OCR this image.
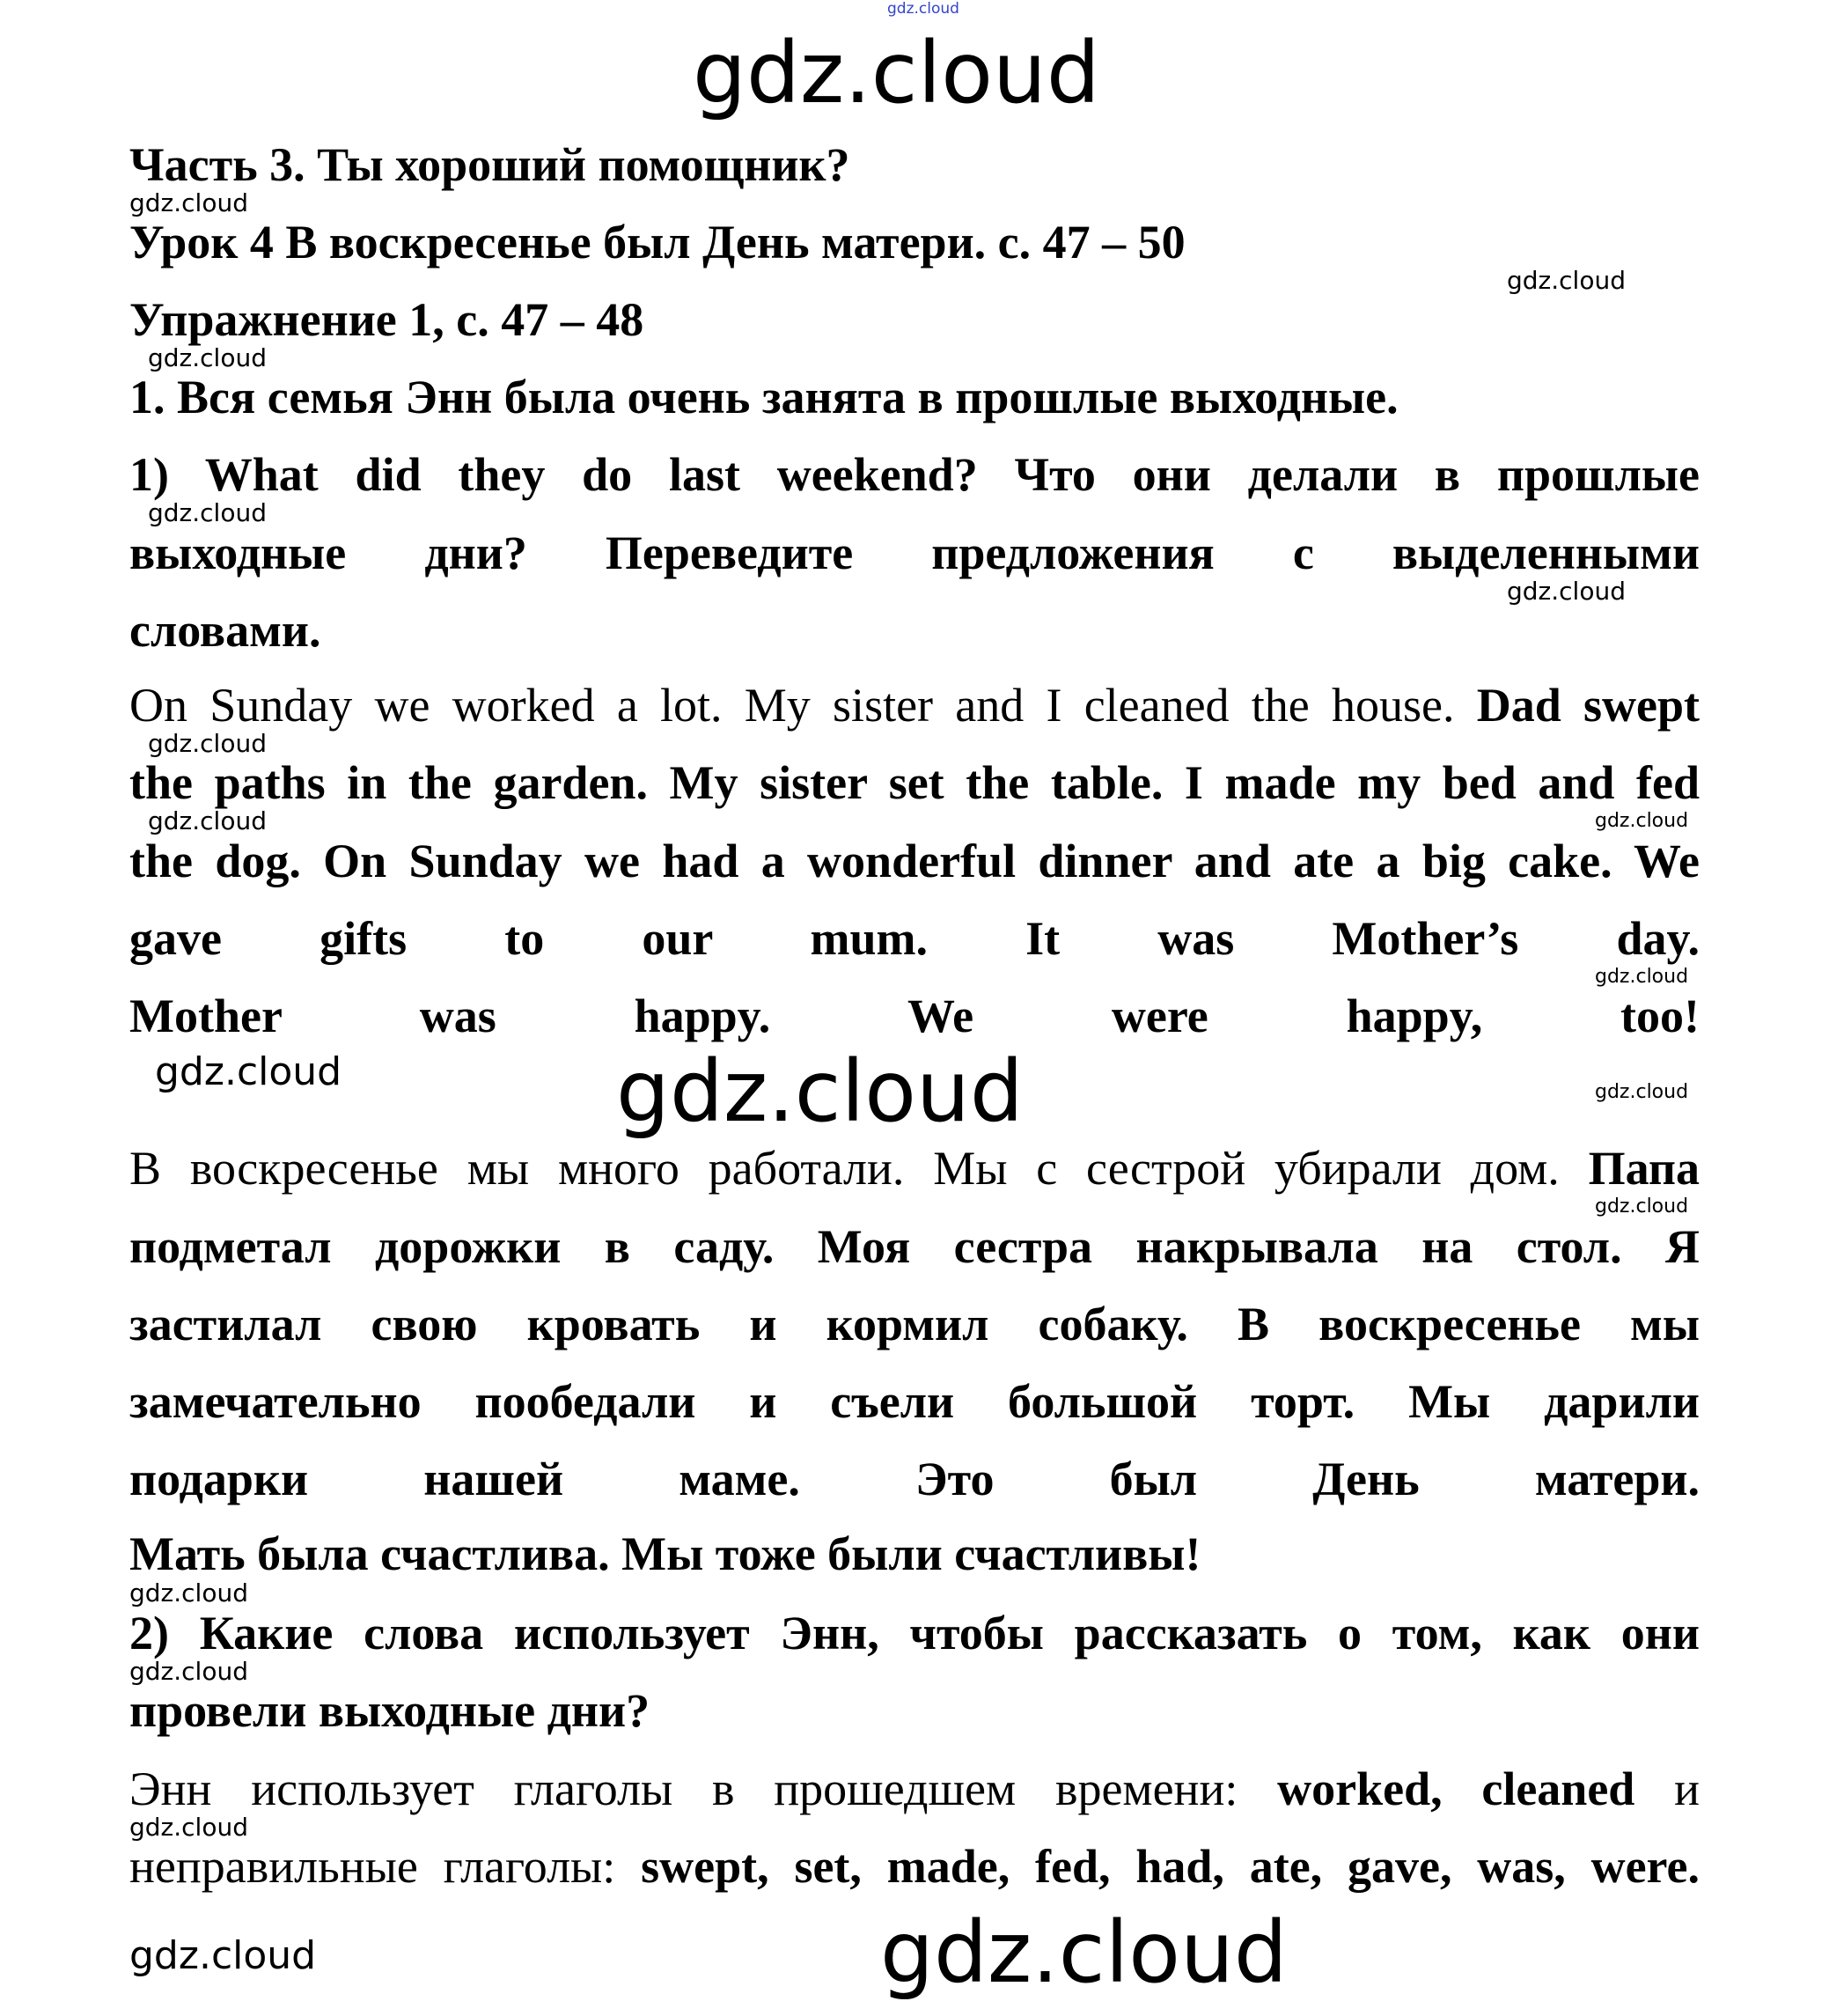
Часть 3. Ты хороший помощник?
Урок 4 В воскресенье был День матери. с. 47 – 50
Упражнение 1, с. 47 – 48
1. Вся семья Энн была очень занята в прошлые выходные.
1) What did they do last weekend? Что они делали в прошлые
выходные дни? Переведите предложения с выделенными
словами.
On Sunday we worked a lot. My sister and I cleaned the house. Dad swept
the paths in the garden. My sister set the table. I made my bed and fed
the dog. On Sunday we had a wonderful dinner and ate a big cake. We
gave gifts to our mum. It was Mother’s day.
Mother was happy. We were happy, too!
В воскресенье мы много работали. Мы с сестрой убирали дом. Папа
подметал дорожки в саду. Моя сестра накрывала на стол. Я
застилал свою кровать и кормил собаку. В воскресенье мы
замечательно пообедали и съели большой торт. Мы дарили
подарки нашей маме. Это был День матери.
Мать была счастлива. Мы тоже были счастливы!
2) Какие слова использует Энн, чтобы рассказать о том, как они
провели выходные дни?
Энн использует глаголы в прошедшем времени: worked, cleaned и
неправильные глаголы: swept, set, made, fed, had, ate, gave, was, were.
gdz.cloud
gdz.cloud
gdz.cloud
gdz.cloud
gdz.cloud
gdz.cloud
gdz.cloud
gdz.cloud
gdz.cloud	gdz.cloud
gdz.cloud
gdz.cloud	gdz.cloud	gdz.cloud
gdz.cloud
gdz.cloud
gdz.cloud
gdz.cloud
gdz.cloud	gdz.cloud
